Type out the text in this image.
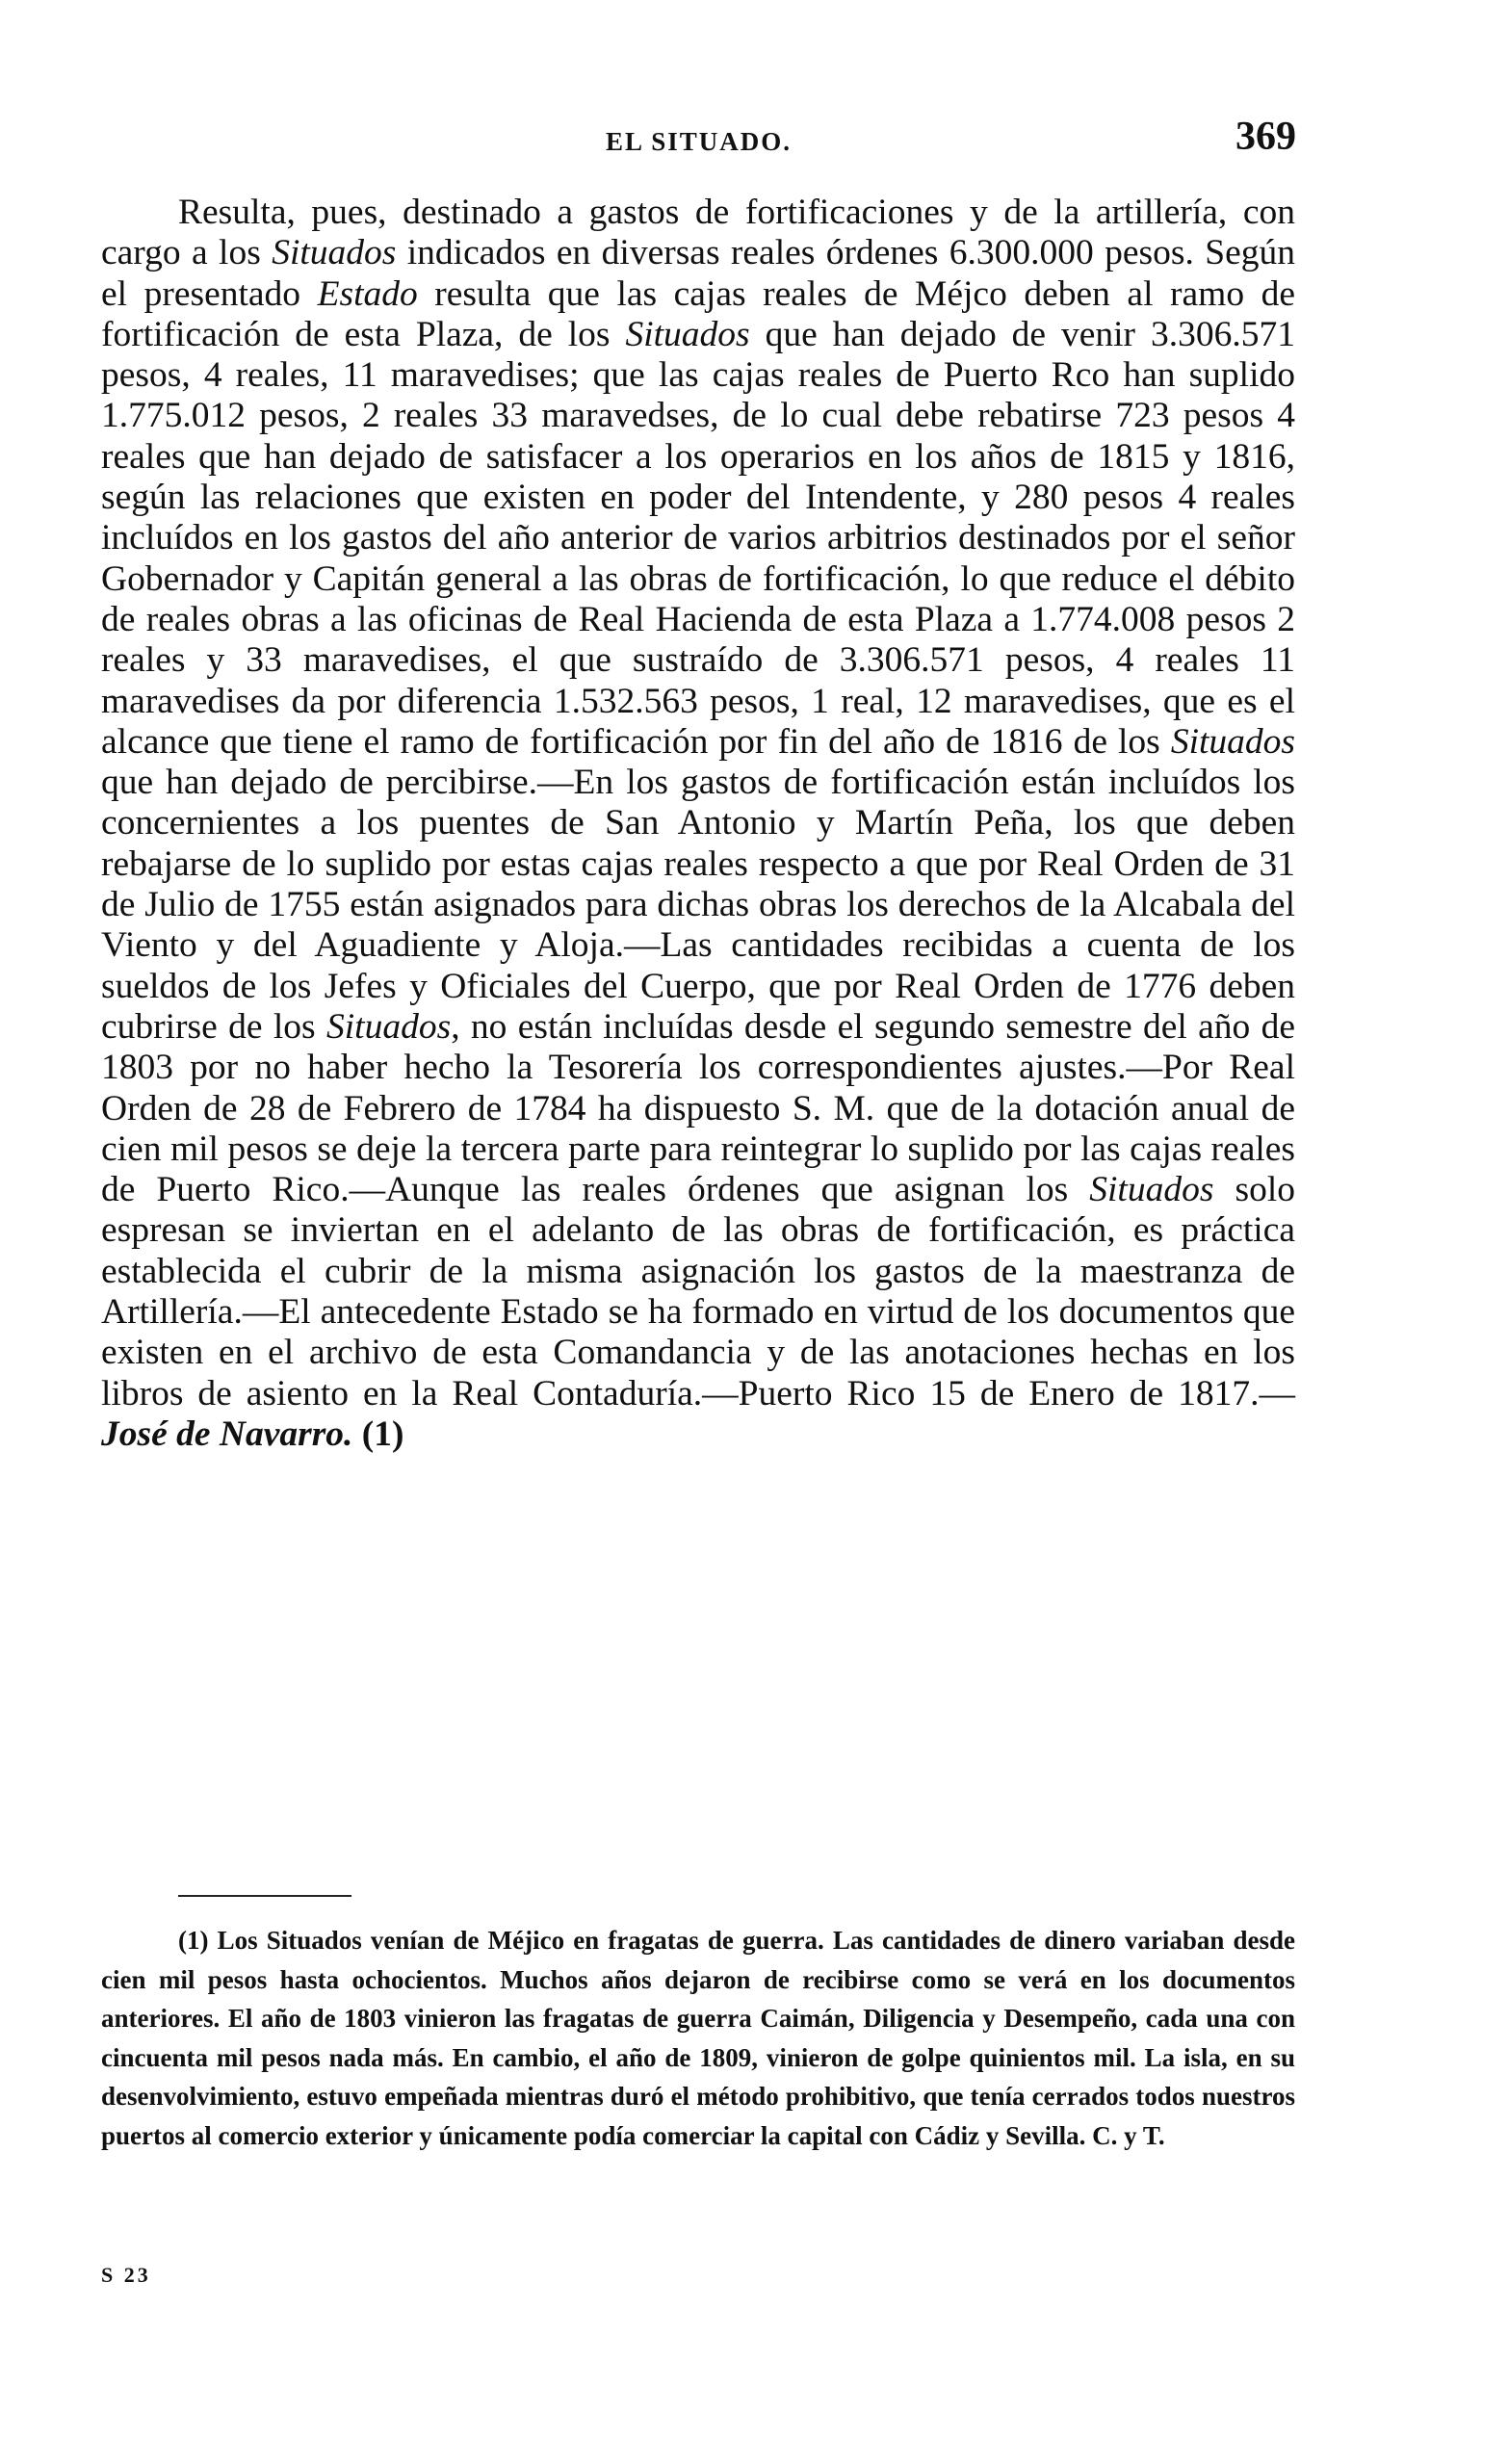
EL SITUADO.	369

Resulta, pues, destinado a gastos de fortificaciones y de la artillería, con cargo a los Situados indicados en diversas reales órdenes 6.300.000 pesos. Según el presentado Estado resulta que las cajas reales de Méjco deben al ramo de fortificación de esta Plaza, de los Situados que han dejado de venir 3.306.571 pesos, 4 reales, 11 maravedises; que las cajas reales de Puerto Rco han suplido 1.775.012 pesos, 2 reales 33 maravedses, de lo cual debe rebatirse 723 pesos 4 reales que han dejado de satisfacer a los operarios en los años de 1815 y 1816, según las relaciones que existen en poder del Intendente, y 280 pesos 4 reales incluídos en los gastos del año anterior de varios arbitrios destinados por el señor Gobernador y Capitán general a las obras de fortificación, lo que reduce el débito de reales obras a las oficinas de Real Hacienda de esta Plaza a 1.774.008 pesos 2 reales y 33 maravedises, el que sustraído de 3.306.571 pesos, 4 reales 11 maravedises da por diferencia 1.532.563 pesos, 1 real, 12 maravedises, que es el alcance que tiene el ramo de fortificación por fin del año de 1816 de los Situados que han dejado de percibirse.—En los gastos de fortificación están incluídos los concernientes a los puentes de San Antonio y Martín Peña, los que deben rebajarse de lo suplido por estas cajas reales respecto a que por Real Orden de 31 de Julio de 1755 están asignados para dichas obras los derechos de la Alcabala del Viento y del Aguadiente y Aloja.—Las cantidades recibidas a cuenta de los sueldos de los Jefes y Oficiales del Cuerpo, que por Real Orden de 1776 deben cubrirse de los Situados, no están incluídas desde el segundo semestre del año de 1803 por no haber hecho la Tesorería los correspondientes ajustes.—Por Real Orden de 28 de Febrero de 1784 ha dispuesto S. M. que de la dotación anual de cien mil pesos se deje la tercera parte para reintegrar lo suplido por las cajas reales de Puerto Rico.—Aunque las reales órdenes que asignan los Situados solo espresan se inviertan en el adelanto de las obras de fortificación, es práctica establecida el cubrir de la misma asignación los gastos de la maestranza de Artillería.—El antecedente Estado se ha formado en virtud de los documentos que existen en el archivo de esta Comandancia y de las anotaciones hechas en los libros de asiento en la Real Contaduría.—Puerto Rico 15 de Enero de 1817.—José de Navarro. (1)

(1) Los Situados venían de Méjico en fragatas de guerra. Las cantidades de dinero variaban desde cien mil pesos hasta ochocientos. Muchos años dejaron de recibirse como se verá en los documentos anteriores. El año de 1803 vinieron las fragatas de guerra Caimán, Diligencia y Desempeño, cada una con cincuenta mil pesos nada más. En cambio, el año de 1809, vinieron de golpe quinientos mil. La isla, en su desenvolvimiento, estuvo empeñada mientras duró el método prohibitivo, que tenía cerrados todos nuestros puertos al comercio exterior y únicamente podía comerciar la capital con Cádiz y Sevilla. C. y T.

S 23
